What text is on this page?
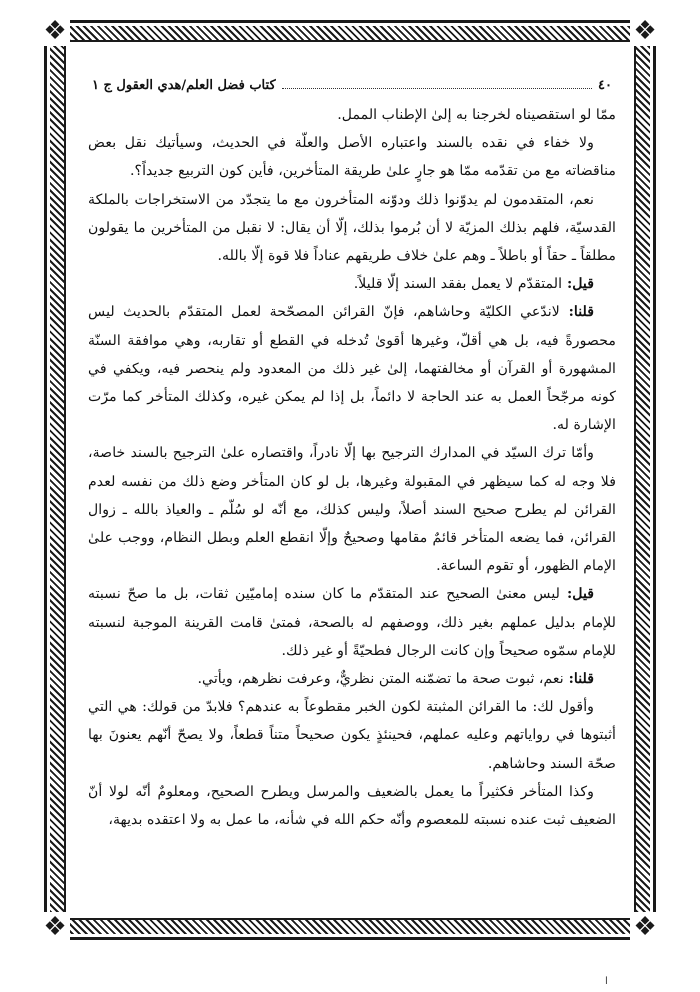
❖	❖
❖	❖
٤٠
كتاب فضل العلم/هدي العقول ج ١

ممّا لو استقصيناه لخرجنا به إلىٰ الإطناب الممل.

ولا خفاء في نقده بالسند واعتباره الأصل والعلّة في الحديث، وسيأتيك نقل بعض مناقضاته مع من تقدّمه ممّا هو جارٍ علىٰ طريقة المتأخرين، فأين كون التربيع جديداً؟.

نعم، المتقدمون لم يدوّنوا ذلك ودوّنه المتأخرون مع ما يتجدّد من الاستخراجات بالملكة القدسيّة، فلهم بذلك المزيّة لا أن بُرموا بذلك، إلّا أن يقال: لا نقبل من المتأخرين ما يقولون مطلقاً ـ حقاً أو باطلاً ـ وهم علىٰ خلاف طريقهم عناداً فلا قوة إلّا بالله.

قيل: المتقدّم لا يعمل بفقد السند إلّا قليلاً.

قلنا: لاندّعي الكليّة وحاشاهم، فإنّ القرائن المصحّحة لعمل المتقدّم بالحديث ليس محصورةً فيه، بل هي أقلّ، وغيرها أقوىٰ تُدخله في القطع أو تقاربه، وهي موافقة السنّة المشهورة أو القرآن أو مخالفتهما، إلىٰ غير ذلك من المعدود ولم ينحصر فيه، ويكفي في كونه مرجّحاً العمل به عند الحاجة لا دائماً، بل إذا لم يمكن غيره، وكذلك المتأخر كما مرّت الإشارة له.

وأمّا ترك السيّد في المدارك الترجيح بها إلّا نادراً، واقتصاره علىٰ الترجيح بالسند خاصة، فلا وجه له كما سيظهر في المقبولة وغيرها، بل لو كان المتأخر وضع ذلك من نفسه لعدم القرائن لم يطرح صحيح السند أصلاً، وليس كذلك، مع أنّه لو سُلّم ـ والعياذ بالله ـ زوال القرائن، فما يضعه المتأخر قائمٌ مقامها وصحيحٌ وإلّا انقطع العلم وبطل النظام، ووجب علىٰ الإمام الظهور، أو تقوم الساعة.

قيل: ليس معنىٰ الصحيح عند المتقدّم ما كان سنده إماميّين ثقات، بل ما صحّ نسبته للإمام بدليل عملهم بغير ذلك، ووصفهم له بالصحة، فمتىٰ قامت القرينة الموجبة لنسبته للإمام سمّوه صحيحاً وإن كانت الرجال فطحيّةً أو غير ذلك.

قلنا: نعم، ثبوت صحة ما تضمّنه المتن نظريٌّ، وعرفت نظرهم، ويأتي.

وأقول لك: ما القرائن المثبتة لكون الخبر مقطوعاً به عندهم؟ فلابدّ من قولك: هي التي أثبتوها في رواياتهم وعليه عملهم، فحينئذٍ يكون صحيحاً متناً قطعاً، ولا يصحّ أنّهم يعنونَ بها صحّة السند وحاشاهم.

وكذا المتأخر فكثيراً ما يعمل بالضعيف والمرسل ويطرح الصحيح، ومعلومٌ أنّه لولا أنّ الضعيف ثبت عنده نسبته للمعصوم وأنّه حكم الله في شأنه، ما عمل به ولا اعتقده بديهة،

ا
